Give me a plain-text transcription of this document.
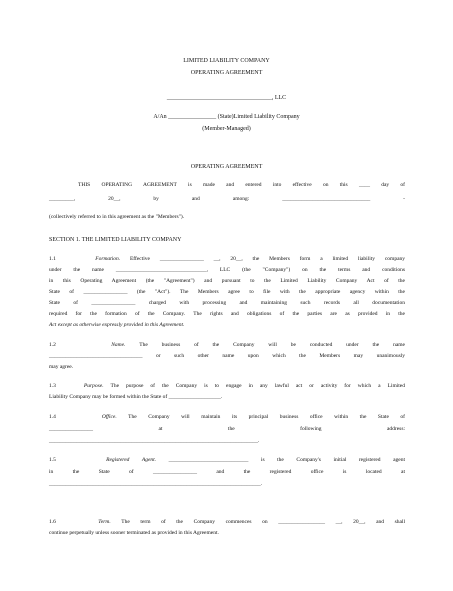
LIMITED LIABILITY COMPANY
OPERATING AGREEMENT
___________________________________, LLC
A/An ________________ (State)Limited Liability Company
(Member-Managed)
OPERATING AGREEMENT
THIS OPERATING AGREEMENT is made and entered into effective on this ____ day of
_________, 20__, by and among: ________________________________ -
(collectively referred to in this agreement as the "Members").
SECTION 1. THE LIMITED LIABILITY COMPANY
1.1	Formation. Effective ________________ __, 20__, the Members form a limited liability company
under the name _________________________________, LLC (the "Company") on the terms and conditions
in this Operating Agreement (the "Agreement") and pursuant to the Limited Liability Company Act of the
State of ________________ (the "Act"). The Members agree to file with the appropriate agency within the
State of ________________ charged with processing and maintaining such records all documentation
required for the formation of the Company. The rights and obligations of the parties are as provided in the
Act except as otherwise expressly provided in this Agreement.
1.2	Name. The business of the Company will be conducted under the name
__________________________________ or such other name upon which the Members may unanimously
may agree.
1.3	Purpose. The purpose of the Company is to engage in any lawful act or activity for which a Limited
Liability Company may be formed within the State of ___________________.
1.4	Office. The Company will maintain its principal business office within the State of
________________ at the following address:
____________________________________________________________________________.
1.5	Registered Agent. _____________________________ is the Company's initial registered agent
in the State of ________________ and the registered office is located at
_____________________________________________________________________________.
1.6	Term. The term of the Company commences on _________________ __, 20__, and shall
continue perpetually unless sooner terminated as provided in this Agreement.
